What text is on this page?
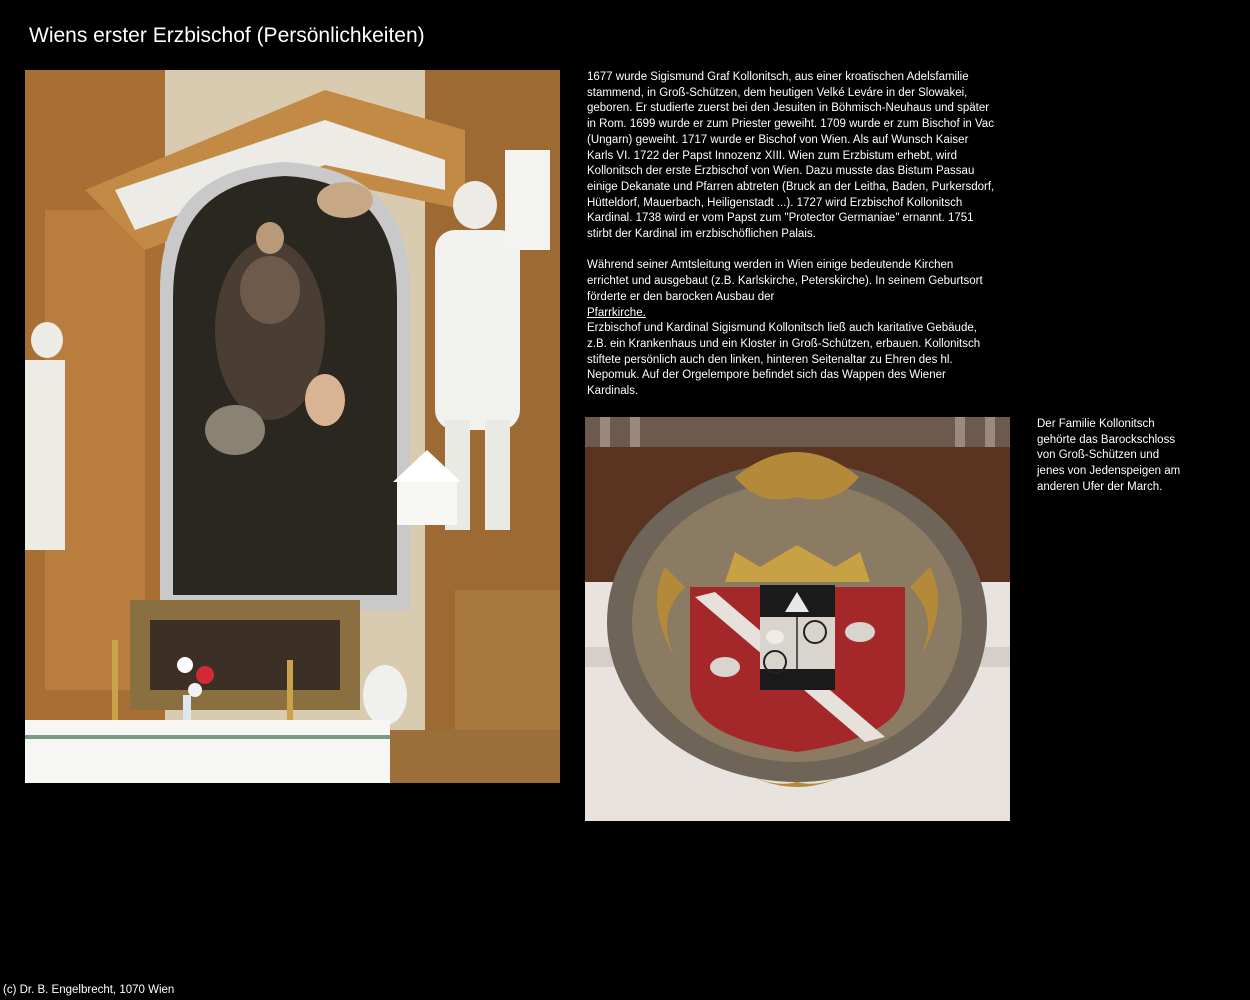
Wiens erster Erzbischof (Persönlichkeiten)

1677 wurde Sigismund Graf Kollonitsch, aus einer kroatischen Adelsfamilie stammend, in Groß-Schützen, dem heutigen Velké Leváre in der Slowakei, geboren. Er studierte zuerst bei den Jesuiten in Böhmisch-Neuhaus und später in Rom. 1699 wurde er zum Priester geweiht. 1709 wurde er zum Bischof in Vac (Ungarn) geweiht. 1717 wurde er Bischof von Wien. Als auf Wunsch Kaiser Karls VI. 1722 der Papst Innozenz XIII. Wien zum Erzbistum erhebt, wird Kollonitsch der erste Erzbischof von Wien. Dazu musste das Bistum Passau einige Dekanate und Pfarren abtreten (Bruck an der Leitha, Baden, Purkersdorf, Hütteldorf, Mauerbach, Heiligenstadt ...). 1727 wird Erzbischof Kollonitsch Kardinal. 1738 wird er vom Papst zum "Protector Germaniae" ernannt. 1751 stirbt der Kardinal im erzbischöflichen Palais.

Während seiner Amtsleitung werden in Wien einige bedeutende Kirchen errichtet und ausgebaut (z.B. Karlskirche, Peterskirche). In seinem Geburtsort förderte er den barocken Ausbau der
Pfarrkirche.

Erzbischof und Kardinal Sigismund Kollonitsch ließ auch karitative Gebäude, z.B. ein Krankenhaus und ein Kloster in Groß-Schützen, erbauen. Kollonitsch stiftete persönlich auch den linken, hinteren Seitenaltar zu Ehren des hl. Nepomuk. Auf der Orgelempore befindet sich das Wappen des Wiener Kardinals.

Der Familie Kollonitsch gehörte das Barockschloss von Groß-Schützen und jenes von Jedenspeigen am anderen Ufer der March.
(c) Dr. B. Engelbrecht, 1070 Wien
